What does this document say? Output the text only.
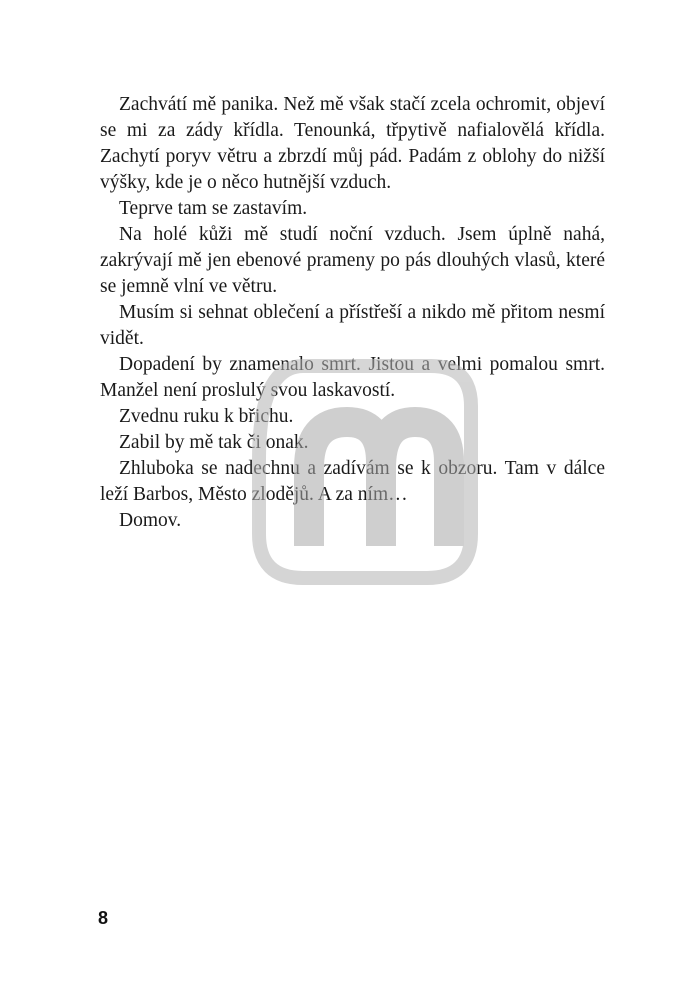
Zachvátí mě panika. Než mě však stačí zcela ochromit, objeví se mi za zády křídla. Tenounká, třpytivě nafialovělá křídla. Zachytí poryv větru a zbrzdí můj pád. Padám z oblohy do nižší výšky, kde je o něco hutnější vzduch.

Teprve tam se zastavím.

Na holé kůži mě studí noční vzduch. Jsem úplně nahá, zakrývají mě jen ebenové prameny po pás dlouhých vlasů, které se jemně vlní ve větru.

Musím si sehnat oblečení a přístřeší a nikdo mě přitom nesmí vidět.

Dopadení by znamenalo smrt. Jistou a velmi pomalou smrt. Manžel není proslulý svou laskavostí.

Zvednu ruku k břichu.

Zabil by mě tak či onak.

Zhluboka se nadechnu a zadívám se k obzoru. Tam v dálce leží Barbos, Město zlodějů. A za ním…

Domov.

8
